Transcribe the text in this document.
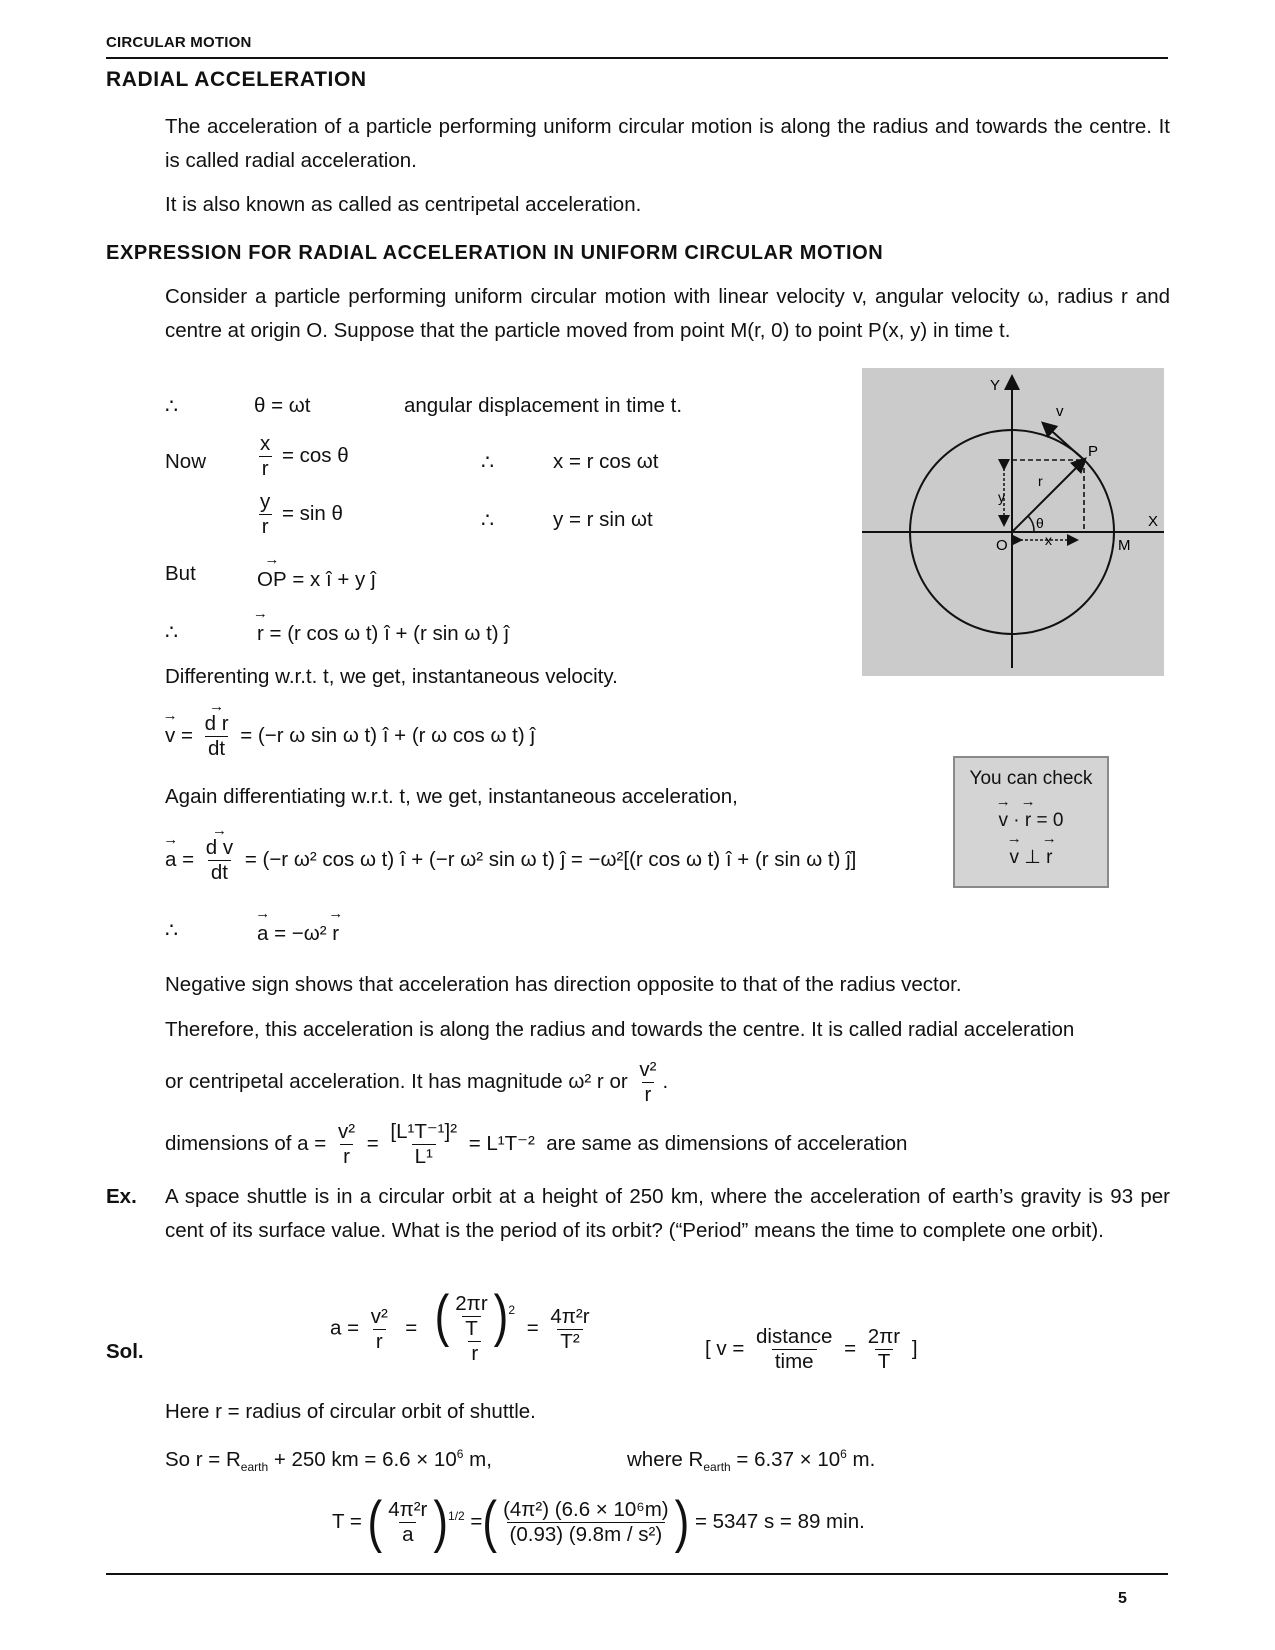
CIRCULAR MOTION
RADIAL ACCELERATION
The acceleration of a particle performing uniform circular motion is along the radius and towards the centre. It is called radial acceleration.
It is also known as called as centripetal acceleration.
EXPRESSION FOR RADIAL ACCELERATION IN UNIFORM CIRCULAR MOTION
Consider a particle performing uniform circular motion with linear velocity v, angular velocity ω, radius r and centre at origin O. Suppose that the particle moved from point M(r, 0) to point P(x, y) in time t.
∴	θ = ωt	angular displacement in time t.
Now $\frac{x}{r} = \cos \theta$	∴	x = r cos ωt
$\frac{y}{r} = \sin \theta$	∴	y = r sin ωt
But	→ OP = x î + y ĵ
∴	→ r = (r cos ω t) î + (r sin ω t) ĵ
Differenting w.r.t. t, we get, instantaneous velocity.
→ v = → $\frac{\text{d r}}{dt} = (-r$ ω sin ω t) î + (r ω cos ω t) ĵ
Again differentiating w.r.t. t, we get, instantaneous acceleration,
→ a = → $\frac{\text{d v}}{dt} = (-r$ ω² cos ω t) î + (−r ω² sin ω t) ĵ = −ω²[(r cos ω t) î + (r sin ω t) ĵ]
∴	→ a = −ω² → r
Negative sign shows that acceleration has direction opposite to that of the radius vector.
Therefore, this acceleration is along the radius and towards the centre. It is called radial acceleration
or centripetal acceleration. It has magnitude ω² r or $\frac{\text{v²}}{r}$ .
dimensions of $a = \frac{\text{v²}}{r} = \frac{\text{[L¹T⁻¹]²}}{\text{L¹}} = L^1T^{-2}$ are same as dimensions of acceleration
Ex. A space shuttle is in a circular orbit at a height of 250 km, where the acceleration of earth’s gravity is 93 per cent of its surface value. What is the period of its orbit? (“Period” means the time to complete one orbit).
Sol.
$a = \frac{\text{v²}}{r} = \frac{( \frac{2\pi r}{T} )^2}{r} = \frac{\text{4π²r}}{\text{T²}}$	[ $v = \frac{\text{distance}}{\text{time}} = \frac{2\pi r}{T}$ ]
Here r = radius of circular orbit of shuttle.
So $r = R_{earth} + 250$ km = $6.6 \times 10^6$ m,	where $R_{earth} = 6.37 \times 10^6$ m.
T = ( $\frac{\text{4π²r}}{a} )^{1/2}$ =( $\frac{\text{(4π²) (6.6 × 10⁶m)}}{\text{(0.93) (9.8m / s²)}}$ ) = 5347 s = 89 min.
You can check
→ v · → r = 0
→ v ⊥ → r
Y
X
O
P
M
v
r
θ
x
y
5
